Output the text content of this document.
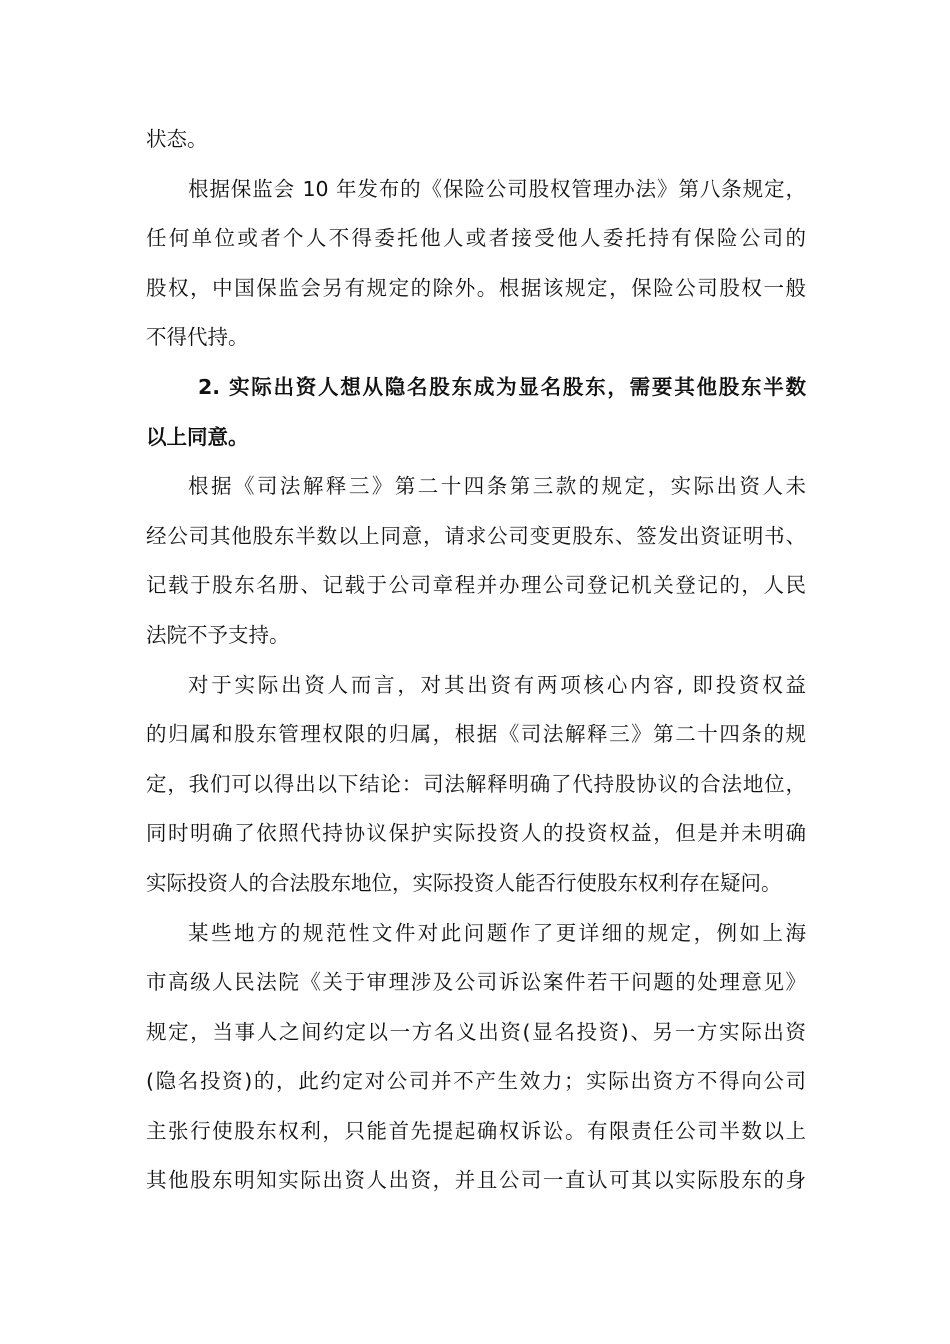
状态。
根据保监会 10 年发布的《保险公司股权管理办法》第八条规定，
任何单位或者个人不得委托他人或者接受他人委托持有保险公司的
股权，中国保监会另有规定的除外。根据该规定，保险公司股权一般
不得代持。
2. 实际出资人想从隐名股东成为显名股东，需要其他股东半数
以上同意。
根据《司法解释三》第二十四条第三款的规定，实际出资人未
经公司其他股东半数以上同意，请求公司变更股东、签发出资证明书、
记载于股东名册、记载于公司章程并办理公司登记机关登记的，人民
法院不予支持。
对于实际出资人而言，对其出资有两项核心内容, 即投资权益
的归属和股东管理权限的归属，根据《司法解释三》第二十四条的规
定，我们可以得出以下结论：司法解释明确了代持股协议的合法地位，
同时明确了依照代持协议保护实际投资人的投资权益，但是并未明确
实际投资人的合法股东地位，实际投资人能否行使股东权利存在疑问。
某些地方的规范性文件对此问题作了更详细的规定，例如上海
市高级人民法院《关于审理涉及公司诉讼案件若干问题的处理意见》
规定，当事人之间约定以一方名义出资(显名投资)、另一方实际出资
(隐名投资)的，此约定对公司并不产生效力；实际出资方不得向公司
主张行使股东权利，只能首先提起确权诉讼。有限责任公司半数以上
其他股东明知实际出资人出资，并且公司一直认可其以实际股东的身
